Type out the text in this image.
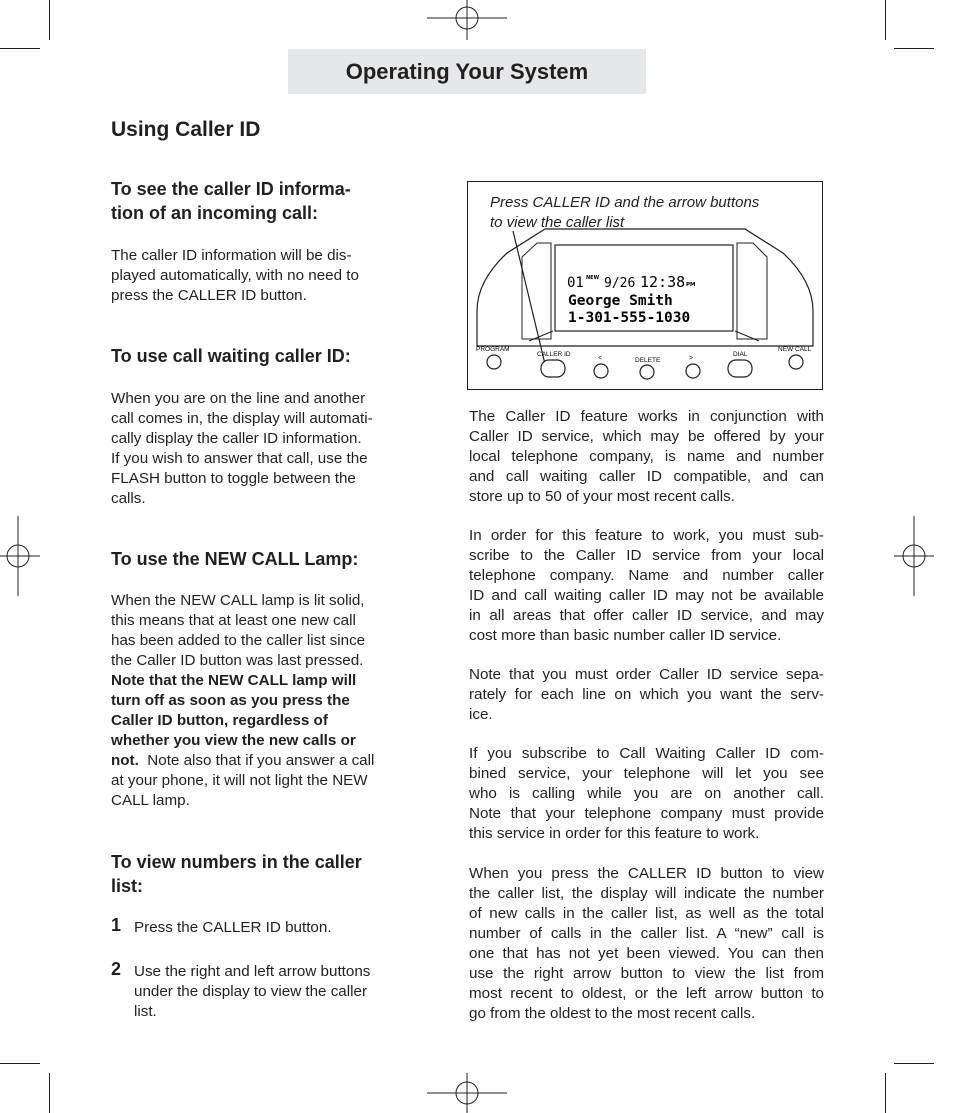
Operating Your System
Using Caller ID
To see the caller ID informa-
tion of an incoming call:
The caller ID information will be dis-
played automatically, with no need to
press the CALLER ID button.
To use call waiting caller ID:
When you are on the line and another
call comes in, the display will automati-
cally display the caller ID information.
If you wish to answer that call, use the
FLASH button to toggle between the
calls.
To use the NEW CALL Lamp:
When the NEW CALL lamp is lit solid,
this means that at least one new call
has been added to the caller list since
the Caller ID button was last pressed.
Note that the NEW CALL lamp will
turn off as soon as you press the
Caller ID button, regardless of
whether you view the new calls or
not.  Note also that if you answer a call
at your phone, it will not light the NEW
CALL lamp.
To view numbers in the caller
list:
1 Press the CALLER ID button.
2 Use the right and left arrow buttons
under the display to view the caller
list.
Press CALLER ID and the arrow buttons
to view the caller list
01 NEW 9/26 12:38 PM
George Smith
1-301-555-1030
PROGRAM
CALLER ID
<	DELETE	>
DIAL
NEW CALL
The Caller ID feature works in conjunction with
Caller ID service, which may be offered by your
local telephone company, is name and number
and call waiting caller ID compatible, and can
store up to 50 of your most recent calls.
In order for this feature to work, you must sub-
scribe to the Caller ID service from your local
telephone company. Name and number caller
ID and call waiting caller ID may not be available
in all areas that offer caller ID service, and may
cost more than basic number caller ID service.
Note that you must order Caller ID service sepa-
rately for each line on which you want the serv-
ice.
If you subscribe to Call Waiting Caller ID com-
bined service, your telephone will let you see
who is calling while you are on another call.
Note that your telephone company must provide
this service in order for this feature to work.
When you press the CALLER ID button to view
the caller list, the display will indicate the number
of new calls in the caller list, as well as the total
number of calls in the caller list. A “new” call is
one that has not yet been viewed. You can then
use the right arrow button to view the list from
most recent to oldest, or the left arrow button to
go from the oldest to the most recent calls.
